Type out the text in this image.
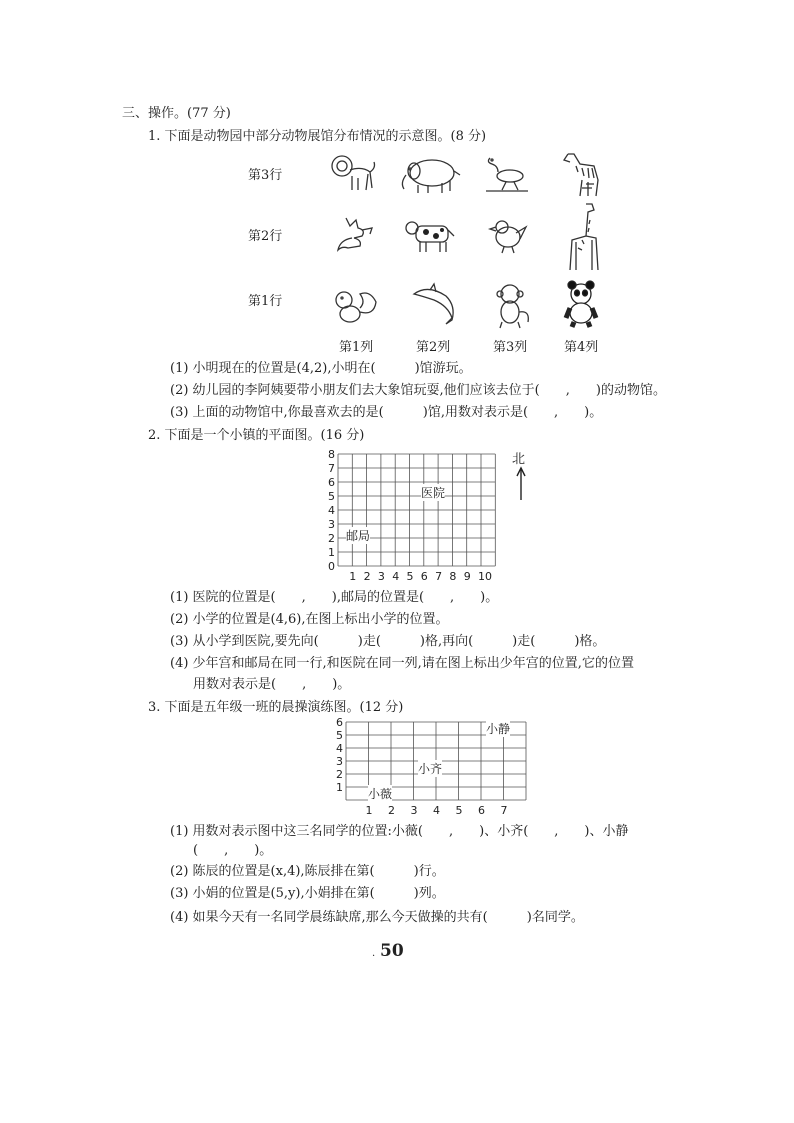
三、操作。(77 分)
1. 下面是动物园中部分动物展馆分布情况的示意图。(8 分)
第3行
第2行
第1行
第1列	第2列	第3列	第4列
(1) 小明现在的位置是(4,2),小明在(　　　)馆游玩。
(2) 幼儿园的李阿姨要带小朋友们去大象馆玩耍,他们应该去位于(　　,　　)的动物馆。
(3) 上面的动物馆中,你最喜欢去的是(　　　)馆,用数对表示是(　　,　　)。
2. 下面是一个小镇的平面图。(16 分)
0
1
2
3
4
5
6
7
8
1 2 3 4 5 6 7 8 9 10
医院
邮局
北
(1) 医院的位置是(　　,　　),邮局的位置是(　　,　　)。
(2) 小学的位置是(4,6),在图上标出小学的位置。
(3) 从小学到医院,要先向(　　　)走(　　　)格,再向(　　　)走(　　　)格。
(4) 少年宫和邮局在同一行,和医院在同一列,请在图上标出少年宫的位置,它的位置
用数对表示是(　　,　　)。
3. 下面是五年级一班的晨操演练图。(12 分)
1
2
3
4
5
6
1 2 3 4 5 6 7
小薇
小齐
小静
(1) 用数对表示图中这三名同学的位置:小薇(　　,　　)、小齐(　　,　　)、小静
(　　,　　)。
(2) 陈辰的位置是(x,4),陈辰排在第(　　　)行。
(3) 小娟的位置是(5,y),小娟排在第(　　　)列。
(4) 如果今天有一名同学晨练缺席,那么今天做操的共有(　　　)名同学。
50
.
